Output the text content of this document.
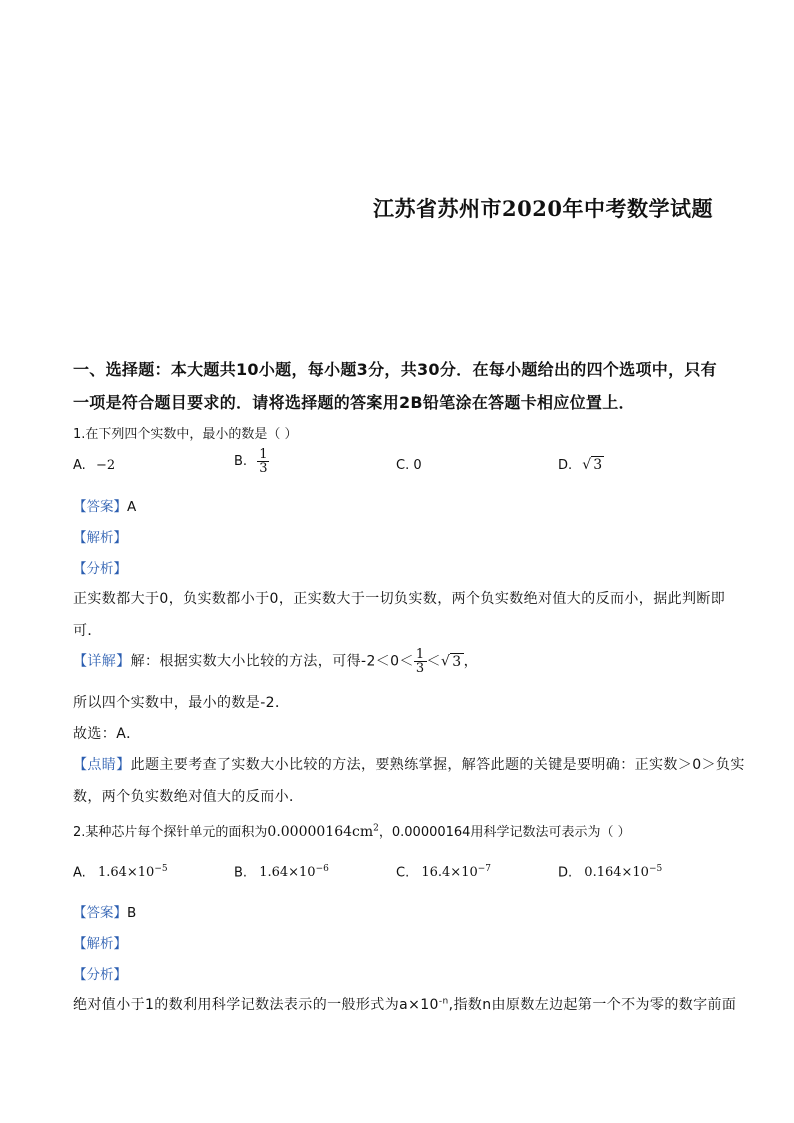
江苏省苏州市2020年中考数学试题
一、选择题：本大题共10小题，每小题3分，共30分．在每小题给出的四个选项中，只有
一项是符合题目要求的．请将选择题的答案用2B铅笔涂在答题卡相应位置上．
1.在下列四个实数中，最小的数是（ ）
A. −2	B. $\frac{1}{3}$	C. 0	D. √ 3
【答案】A
【解析】
【分析】
正实数都大于0，负实数都小于0，正实数大于一切负实数，两个负实数绝对值大的反而小，据此判断即
可．
【详解】解：根据实数大小比较的方法，可得$-2<0< \frac{1}{3}$ ＜√ 3 ，
所以四个实数中，最小的数是-2．
故选：A．
【点睛】此题主要考查了实数大小比较的方法，要熟练掌握，解答此题的关键是要明确：正实数＞0＞负实
数，两个负实数绝对值大的反而小．
2.某种芯片每个探针单元的面积为$0.00000164cm^2$，0.00000164用科学记数法可表示为（ ）
A. $1.64\times 10^{-5}$	B. $1.64\times 10^{-6}$	C. $16.4\times 10^{-7}$	D. $0.164\times 10^{-5}$
【答案】B
【解析】
【分析】
绝对值小于1的数利用科学记数法表示的一般形式为$a\times 10^{-n}$,指数n由原数左边起第一个不为零的数字前面
